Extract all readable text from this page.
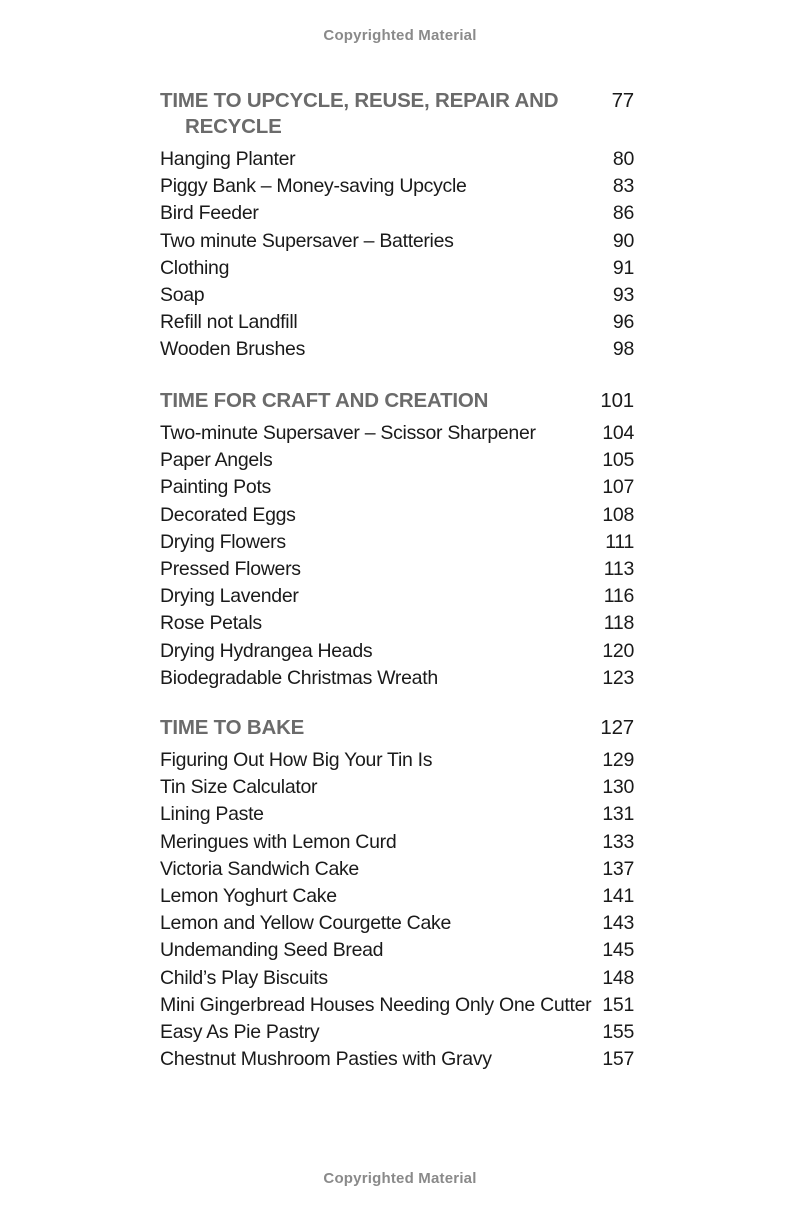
Copyrighted Material
TIME TO UPCYCLE, REUSE, REPAIR AND RECYCLE
77
Hanging Planter	80
Piggy Bank – Money-saving Upcycle	83
Bird Feeder	86
Two minute Supersaver – Batteries	90
Clothing	91
Soap	93
Refill not Landfill	96
Wooden Brushes	98
TIME FOR CRAFT AND CREATION	101
Two-minute Supersaver – Scissor Sharpener	104
Paper Angels	105
Painting Pots	107
Decorated Eggs	108
Drying Flowers	111
Pressed Flowers	113
Drying Lavender	116
Rose Petals	118
Drying Hydrangea Heads	120
Biodegradable Christmas Wreath	123
TIME TO BAKE	127
Figuring Out How Big Your Tin Is	129
Tin Size Calculator	130
Lining Paste	131
Meringues with Lemon Curd	133
Victoria Sandwich Cake	137
Lemon Yoghurt Cake	141
Lemon and Yellow Courgette Cake	143
Undemanding Seed Bread	145
Child’s Play Biscuits	148
Mini Gingerbread Houses Needing Only One Cutter 151
Easy As Pie Pastry	155
Chestnut Mushroom Pasties with Gravy	157
Copyrighted Material
